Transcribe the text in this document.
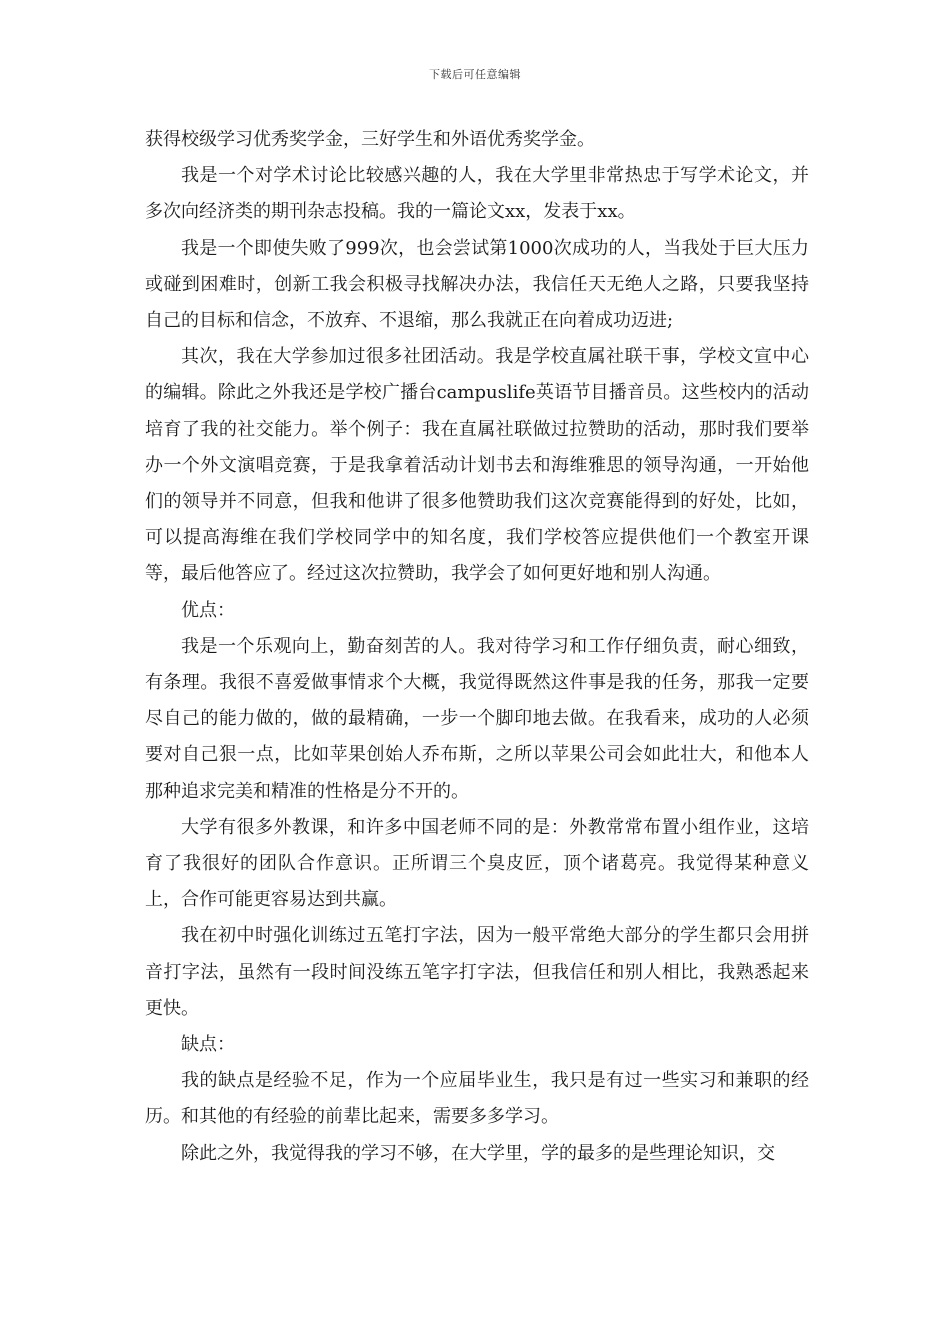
下载后可任意编辑

获得校级学习优秀奖学金，三好学生和外语优秀奖学金。

我是一个对学术讨论比较感兴趣的人，我在大学里非常热忠于写学术论文，并多次向经济类的期刊杂志投稿。我的一篇论文xx，发表于xx。

我是一个即使失败了999次，也会尝试第1000次成功的人，当我处于巨大压力或碰到困难时，创新工我会积极寻找解决办法，我信任天无绝人之路，只要我坚持自己的目标和信念，不放弃、不退缩，那么我就正在向着成功迈进;

其次，我在大学参加过很多社团活动。我是学校直属社联干事，学校文宣中心的编辑。除此之外我还是学校广播台campuslife英语节目播音员。这些校内的活动培育了我的社交能力。举个例子：我在直属社联做过拉赞助的活动，那时我们要举办一个外文演唱竞赛，于是我拿着活动计划书去和海维雅思的领导沟通，一开始他们的领导并不同意，但我和他讲了很多他赞助我们这次竞赛能得到的好处，比如，可以提高海维在我们学校同学中的知名度，我们学校答应提供他们一个教室开课等，最后他答应了。经过这次拉赞助，我学会了如何更好地和别人沟通。

优点：

我是一个乐观向上，勤奋刻苦的人。我对待学习和工作仔细负责，耐心细致，有条理。我很不喜爱做事情求个大概，我觉得既然这件事是我的任务，那我一定要尽自己的能力做的，做的最精确，一步一个脚印地去做。在我看来，成功的人必须要对自己狠一点，比如苹果创始人乔布斯，之所以苹果公司会如此壮大，和他本人那种追求完美和精准的性格是分不开的。

大学有很多外教课，和许多中国老师不同的是：外教常常布置小组作业，这培育了我很好的团队合作意识。正所谓三个臭皮匠，顶个诸葛亮。我觉得某种意义上，合作可能更容易达到共赢。

我在初中时强化训练过五笔打字法，因为一般平常绝大部分的学生都只会用拼音打字法，虽然有一段时间没练五笔字打字法，但我信任和别人相比，我熟悉起来更快。

缺点：

我的缺点是经验不足，作为一个应届毕业生，我只是有过一些实习和兼职的经历。和其他的有经验的前辈比起来，需要多多学习。

除此之外，我觉得我的学习不够，在大学里，学的最多的是些理论知识，交
